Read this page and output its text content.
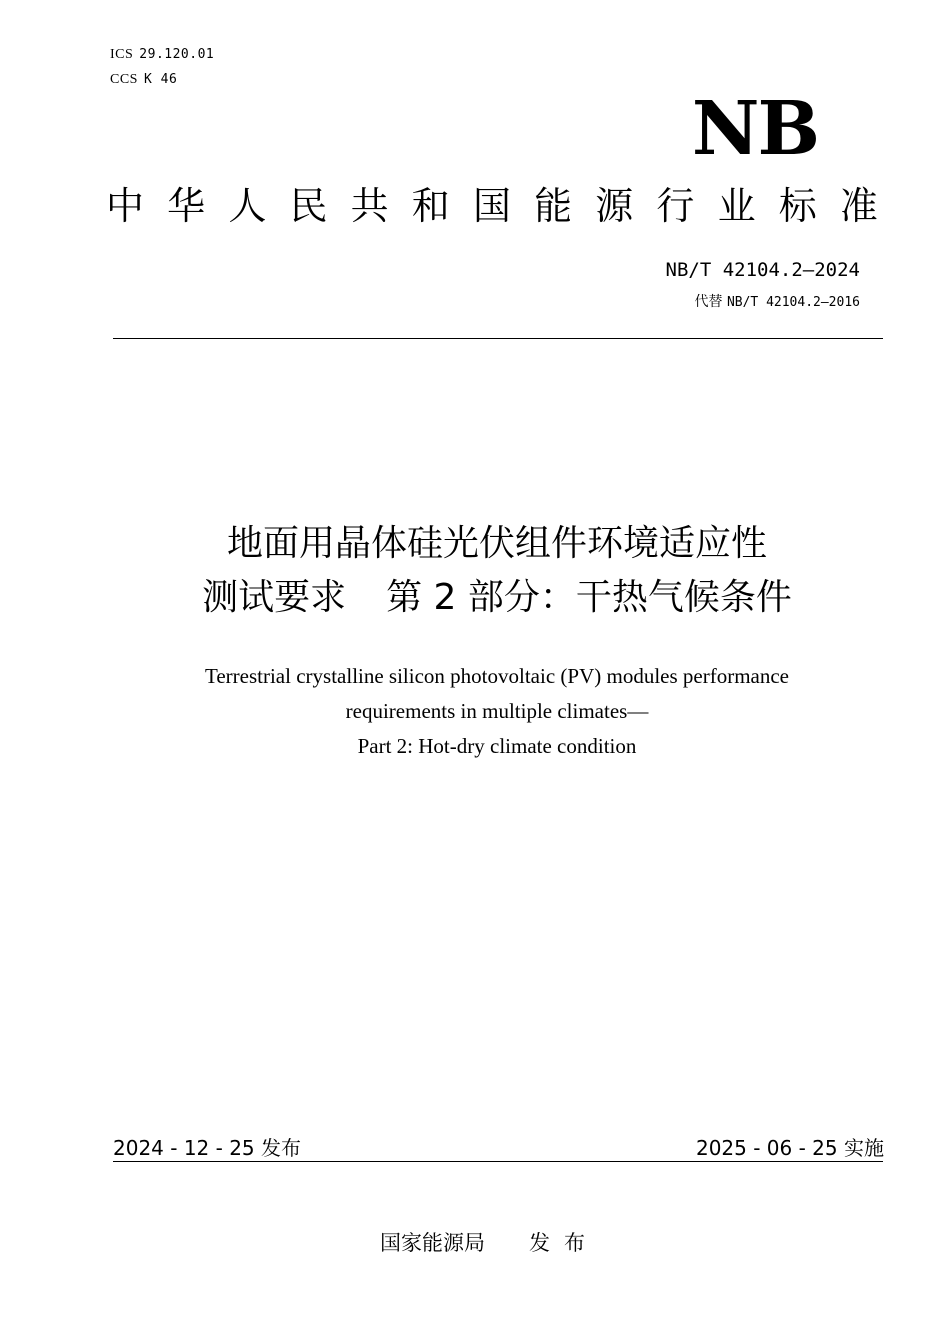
ICS 29.120.01
CCS K 46
NB
中 华 人 民 共 和 国 能 源 行 业 标 准
NB/T 42104.2—2024
代替 NB/T 42104.2—2016
地面用晶体硅光伏组件环境适应性
测试要求 第 2 部分：干热气候条件
Terrestrial crystalline silicon photovoltaic (PV) modules performance
requirements in multiple climates—
Part 2: Hot-dry climate condition
2024 - 12 - 25 发布	2025 - 06 - 25 实施
国家能源局 发布
